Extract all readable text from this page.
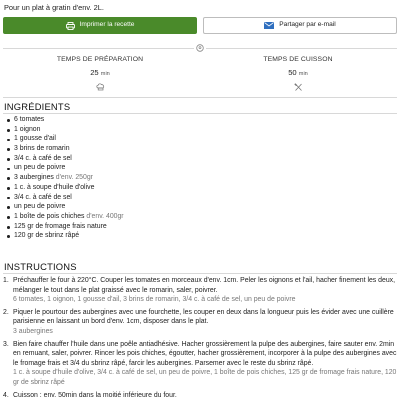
Pour un plat à gratin d'env. 2L.
Imprimer la recette	Partager par e-mail
TEMPS DE PRÉPARATION
25 min
TEMPS DE CUISSON
50 min
INGRÉDIENTS
6 tomates
1 oignon
1 gousse d'ail
3 brins de romarin
3/4 c. à café de sel
un peu de poivre
3 aubergines d'env. 250gr
1 c. à soupe d'huile d'olive
3/4 c. à café de sel
un peu de poivre
1 boîte de pois chiches d'env. 400gr
125 gr de fromage frais nature
120 gr de sbrinz râpé
INSTRUCTIONS
1. Préchauffer le four à 220°C. Couper les tomates en morceaux d'env. 1cm. Peler les oignons et l'ail, hacher finement les deux, mélanger le tout dans le plat graissé avec le romarin, saler, poivrer.
6 tomates, 1 oignon, 1 gousse d'ail, 3 brins de romarin, 3/4 c. à café de sel, un peu de poivre
2. Piquer le pourtour des aubergines avec une fourchette, les couper en deux dans la longueur puis les évider avec une cuillère parisienne en laissant un bord d'env. 1cm, disposer dans le plat.
3 aubergines
3. Bien faire chauffer l'huile dans une poêle antiadhésive. Hacher grossièrement la pulpe des aubergines, faire sauter env. 2min en remuant, saler, poivrer. Rincer les pois chiches, égoutter, hacher grossièrement, incorporer à la pulpe des aubergines avec le fromage frais et 3/4 du sbrinz râpé, farcir les aubergines. Parsemer avec le reste du sbrinz râpé.
1 c. à soupe d'huile d'olive, 3/4 c. à café de sel, un peu de poivre, 1 boîte de pois chiches, 125 gr de fromage frais nature, 120 gr de sbrinz râpé
4. Cuisson : env. 50min dans la moitié inférieure du four.
